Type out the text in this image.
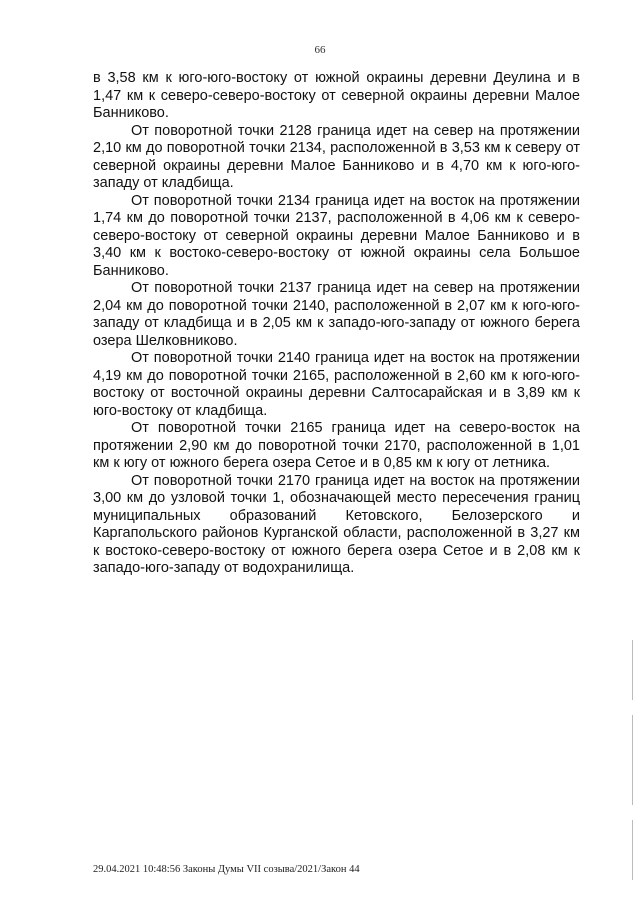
66

в 3,58 км к юго-юго-востоку от южной окраины деревни Деулина и в 1,47 км к северо-северо-востоку от северной окраины деревни Малое Банниково.

От поворотной точки 2128 граница идет на север на протяжении 2,10 км до поворотной точки 2134, расположенной в 3,53 км к северу от северной окраины деревни Малое Банниково и в 4,70 км к юго-юго-западу от кладбища.

От поворотной точки 2134 граница идет на восток на протяжении 1,74 км до поворотной точки 2137, расположенной в 4,06 км к северо-северо-востоку от северной окраины деревни Малое Банниково и в 3,40 км к востоко-северо-востоку от южной окраины села Большое Банниково.

От поворотной точки 2137 граница идет на север на протяжении 2,04 км до поворотной точки 2140, расположенной в 2,07 км к юго-юго-западу от кладбища и в 2,05 км к западо-юго-западу от южного берега озера Шелковниково.

От поворотной точки 2140 граница идет на восток на протяжении 4,19 км до поворотной точки 2165, расположенной в 2,60 км к юго-юго-востоку от восточной окраины деревни Салтосарайская и в 3,89 км к юго-востоку от кладбища.

От поворотной точки 2165 граница идет на северо-восток на протяжении 2,90 км до поворотной точки 2170, расположенной в 1,01 км к югу от южного берега озера Сетое и в 0,85 км к югу от летника.

От поворотной точки 2170 граница идет на восток на протяжении 3,00 км до узловой точки 1, обозначающей место пересечения границ муниципальных образований Кетовского, Белозерского и Каргапольского районов Курганской области, расположенной в 3,27 км к востоко-северо-востоку от южного берега озера Сетое и в 2,08 км к западо-юго-западу от водохранилища.

29.04.2021 10:48:56 Законы Думы VII созыва/2021/Закон 44
